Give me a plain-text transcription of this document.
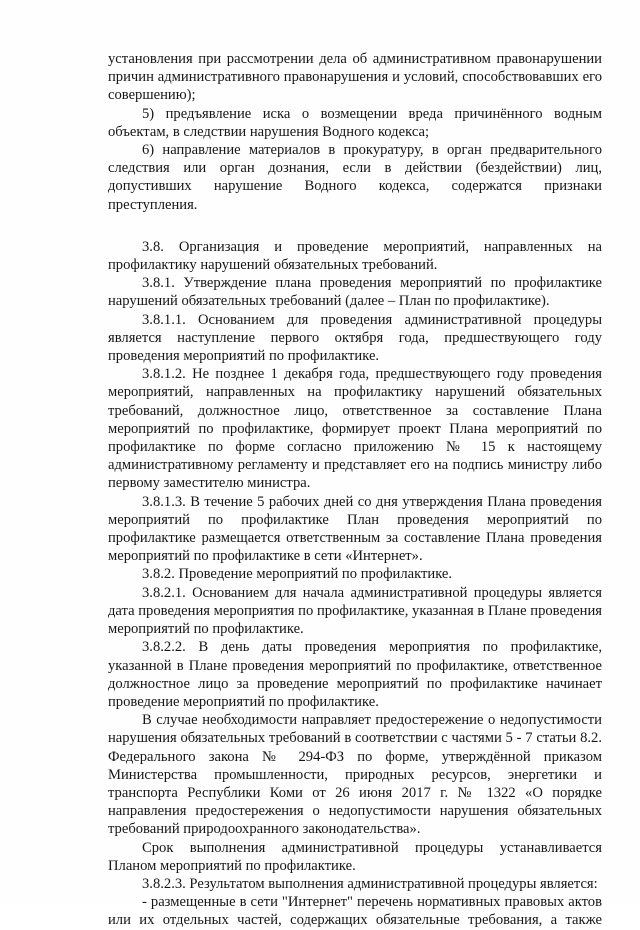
установления при рассмотрении дела об административном правонарушении причин административного правонарушения и условий, способствовавших его совершению);

5) предъявление иска о возмещении вреда причинённого водным объектам, в следствии нарушения Водного кодекса;

6) направление материалов в прокуратуру, в орган предварительного следствия или орган дознания, если в действии (бездействии) лиц, допустивших нарушение Водного кодекса, содержатся признаки преступления.

3.8. Организация и проведение мероприятий, направленных на профилактику нарушений обязательных требований.

3.8.1. Утверждение плана проведения мероприятий по профилактике нарушений обязательных требований (далее – План по профилактике).

3.8.1.1. Основанием для проведения административной процедуры является наступление первого октября года, предшествующего году проведения мероприятий по профилактике.

3.8.1.2. Не позднее 1 декабря года, предшествующего году проведения мероприятий, направленных на профилактику нарушений обязательных требований, должностное лицо, ответственное за составление Плана мероприятий по профилактике, формирует проект Плана мероприятий по профилактике по форме согласно приложению № 15 к настоящему административному регламенту и представляет его на подпись министру либо первому заместителю министра.

3.8.1.3. В течение 5 рабочих дней со дня утверждения Плана проведения мероприятий по профилактике План проведения мероприятий по профилактике размещается ответственным за составление Плана проведения мероприятий по профилактике в сети «Интернет».

3.8.2. Проведение мероприятий по профилактике.

3.8.2.1. Основанием для начала административной процедуры является дата проведения мероприятия по профилактике, указанная в Плане проведения мероприятий по профилактике.

3.8.2.2. В день даты проведения мероприятия по профилактике, указанной в Плане проведения мероприятий по профилактике, ответственное должностное лицо за проведение мероприятий по профилактике начинает проведение мероприятий по профилактике.

В случае необходимости направляет предостережение о недопустимости нарушения обязательных требований в соответствии с частями 5 - 7 статьи 8.2. Федерального закона № 294-ФЗ по форме, утверждённой приказом Министерства промышленности, природных ресурсов, энергетики и транспорта Республики Коми от 26 июня 2017 г. № 1322 «О порядке направления предостережения о недопустимости нарушения обязательных требований природоохранного законодательства».

Срок выполнения административной процедуры устанавливается Планом мероприятий по профилактике.

3.8.2.3. Результатом выполнения административной процедуры является:

- размещенные в сети "Интернет" перечень нормативных правовых актов или их отдельных частей, содержащих обязательные требования, а также
